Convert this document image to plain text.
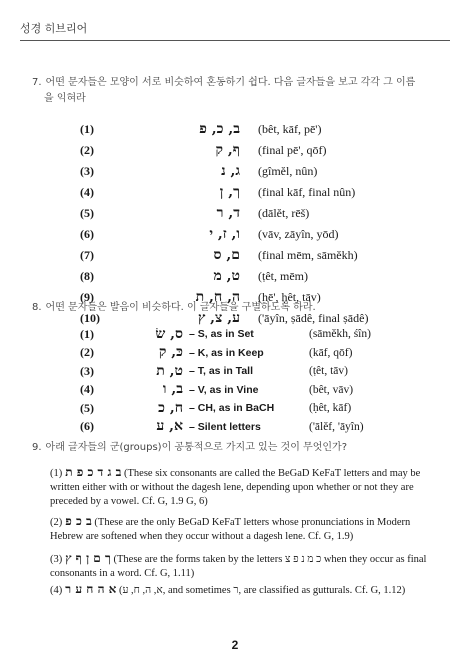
성경 히브리어
7. 어떤 문자들은 모양이 서로 비슷하여 혼동하기 쉽다. 다음 글자들을 보고 각각 그 이름
을 익혀라
(1)	ב, כ, פ	(bêt, kāf, pē')
(2)	ף, ק	(final pē', qōf)
(3)	ג, נ	(gîmĕl, nûn)
(4)	ך, ן	(final kāf, final nûn)
(5)	ד, ר	(dālĕt, rēš)
(6)	ו, ז, י	(vāv, zāyîn, yōd)
(7)	ם, ס	(final mēm, sāmĕkh)
(8)	ט, מ	(ṭêt, mēm)
(9)	ה, ח, ת	(hē', ḥêt, tāv)
(10)	ע, צ, ץ	('āyîn, ṣādê, final ṣādê)
8. 어떤 문자들은 발음이 비슷하다. 이 글자들을 구별하도록 하라.
(1)	ס, שׂ	– S, as in Set	(sāmĕkh, śîn)
(2)	כּ, ק	– K, as in Keep	(kāf, qōf)
(3)	ט, ת	– T, as in Tall	(ṭêt, tāv)
(4)	ב, ו	– V, as in Vine	(bêt, vāv)
(5)	ח, כ	– CH, as in BaCH	(ḥêt, kāf)
(6)	א, ע	– Silent letters	('ālĕf, 'āyîn)
9. 아래 글자들의 군(groups)이 공통적으로 가지고 있는 것이 무엇인가?
(1) ב ג ד כ פ ת (These six consonants are called the BeGaD KeFaT letters and may be written either with or without the dagesh lene, depending upon whether or not they are preceded by a vowel. Cf. G, 1.9 G, 6)
(2) ב כ פ (These are the only BeGaD KeFaT letters whose pronunciations in Modern Hebrew are softened when they occur without a dagesh lene. Cf. G, 1.9)
(3) ך ם ן ף ץ (These are the forms taken by the letters כ מ נ פ צ when they occur as final consonants in a word. Cf. G, 1.11)
(4) א ה ח ע ר (א, ה, ח, ע, and sometimes ר, are classified as gutturals. Cf. G, 1.12)
2
